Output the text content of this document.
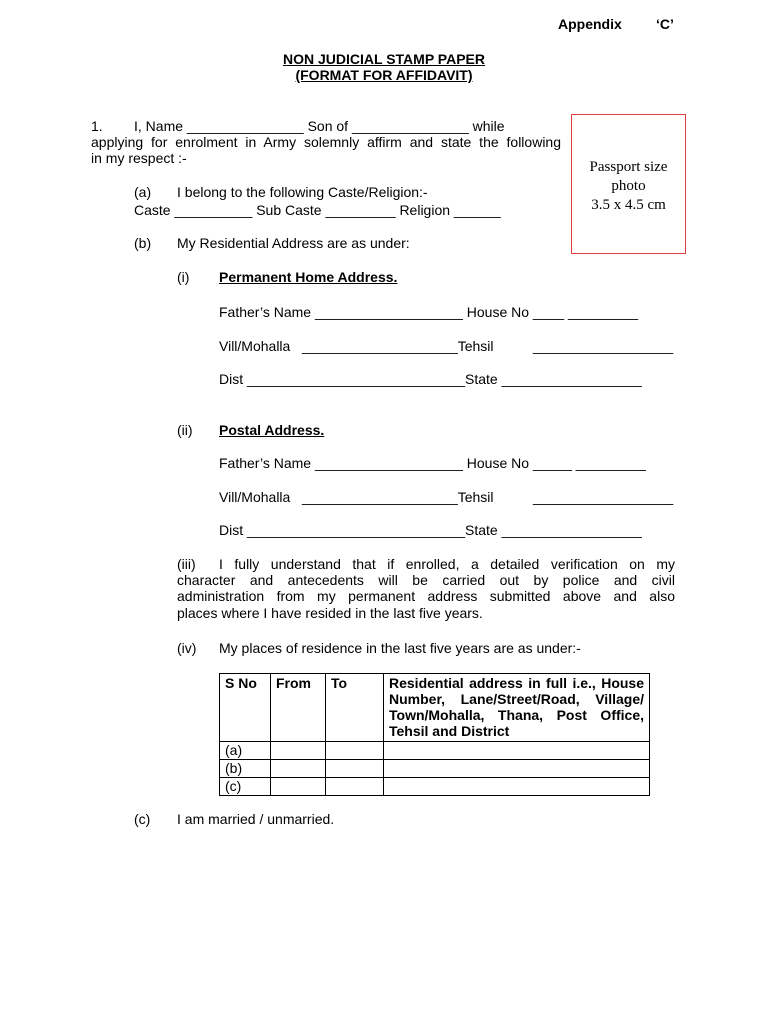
Appendix ‘C’
NON JUDICIAL STAMP PAPER
(FORMAT FOR AFFIDAVIT)
Passport size
photo
3.5 x 4.5 cm
1. I, Name _______________ Son of _______________ while
applying for enrolment in Army solemnly affirm and state the following
in my respect :-
(a) I belong to the following Caste/Religion:-
Caste __________ Sub Caste _________ Religion ______
(b) My Residential Address are as under:
(i) Permanent Home Address.
Father’s Name ___________________ House No ____ _________
Vill/Mohalla   ____________________Tehsil	__________________
Dist ____________________________State __________________
(ii) Postal Address.
Father’s Name ___________________ House No _____ _________
Vill/Mohalla   ____________________Tehsil	__________________
Dist ____________________________State __________________
(iii) I fully understand that if enrolled, a detailed verification on my
character and antecedents will be carried out by police and civil
administration from my permanent address submitted above and also
places where I have resided in the last five years.
(iv) My places of residence in the last five years are as under:-
S No	From	To	Residential address in full i.e., House Number, Lane/Street/Road, Village/ Town/Mohalla, Thana, Post Office, Tehsil and District
(a)			
(b)			
(c)			
(c) I am married / unmarried.
